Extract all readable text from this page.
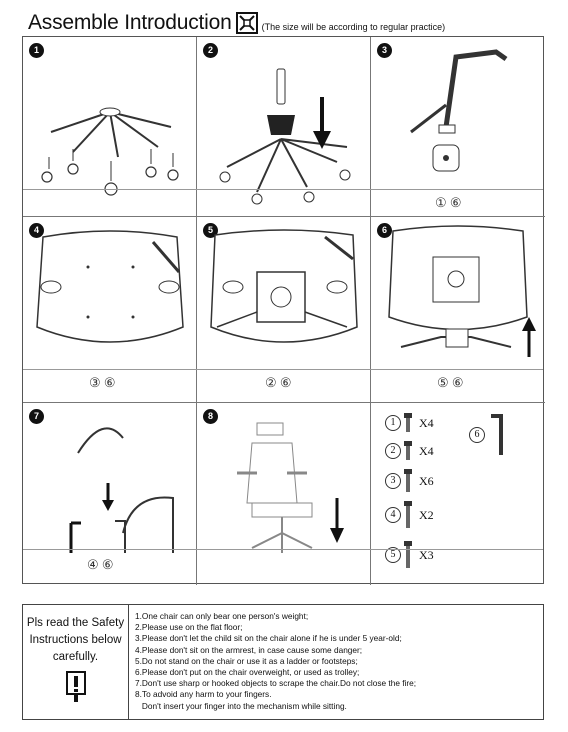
Assemble Introduction	(The size will be according to regular practice)
1	2	3
① ⑥
4
③ ⑥
5
② ⑥
6
⑤ ⑥
7	8
1	X4
6
2	X4
3	X6
4	X2
5	X3
④ ⑥
Pls read the Safety Instructions below carefully.
1.One chair can only bear one person's weight;
2.Please use on the flat floor;
3.Please don't let the child sit on the chair alone if he is under 5 year-old;
4.Please don't sit on the armrest, in case cause some danger;
5.Do not stand on the chair or use it as a ladder or footsteps;
6.Please don't put on the chair overweight, or used as trolley;
7.Don't use sharp or hooked objects to scrape the chair.Do not close the fire;
8.To advoid any harm to your fingers.
Don't insert your finger into the mechanism while sitting.
